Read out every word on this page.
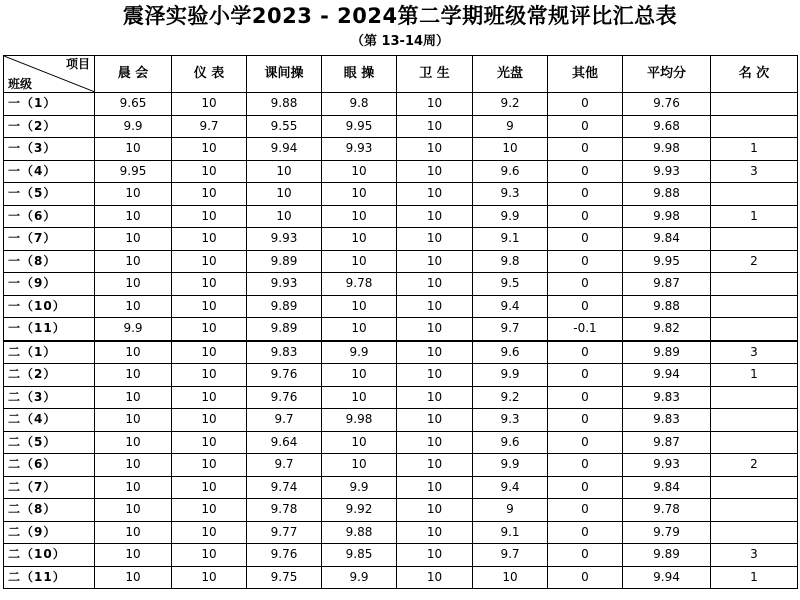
震泽实验小学2023 - 2024第二学期班级常规评比汇总表
（第 13-14周）
项目
班级	晨 会	仪 表	课间操	眼 操	卫 生	光盘	其他	平均分	名 次
一（1）	9.65	10	9.88	9.8	10	9.2	0	9.76	
一（2）	9.9	9.7	9.55	9.95	10	9	0	9.68	
一（3）	10	10	9.94	9.93	10	10	0	9.98	1
一（4）	9.95	10	10	10	10	9.6	0	9.93	3
一（5）	10	10	10	10	10	9.3	0	9.88	
一（6）	10	10	10	10	10	9.9	0	9.98	1
一（7）	10	10	9.93	10	10	9.1	0	9.84	
一（8）	10	10	9.89	10	10	9.8	0	9.95	2
一（9）	10	10	9.93	9.78	10	9.5	0	9.87	
一（10）	10	10	9.89	10	10	9.4	0	9.88	
一（11）	9.9	10	9.89	10	10	9.7	-0.1	9.82	
二（1）	10	10	9.83	9.9	10	9.6	0	9.89	3
二（2）	10	10	9.76	10	10	9.9	0	9.94	1
二（3）	10	10	9.76	10	10	9.2	0	9.83	
二（4）	10	10	9.7	9.98	10	9.3	0	9.83	
二（5）	10	10	9.64	10	10	9.6	0	9.87	
二（6）	10	10	9.7	10	10	9.9	0	9.93	2
二（7）	10	10	9.74	9.9	10	9.4	0	9.84	
二（8）	10	10	9.78	9.92	10	9	0	9.78	
二（9）	10	10	9.77	9.88	10	9.1	0	9.79	
二（10）	10	10	9.76	9.85	10	9.7	0	9.89	3
二（11）	10	10	9.75	9.9	10	10	0	9.94	1
